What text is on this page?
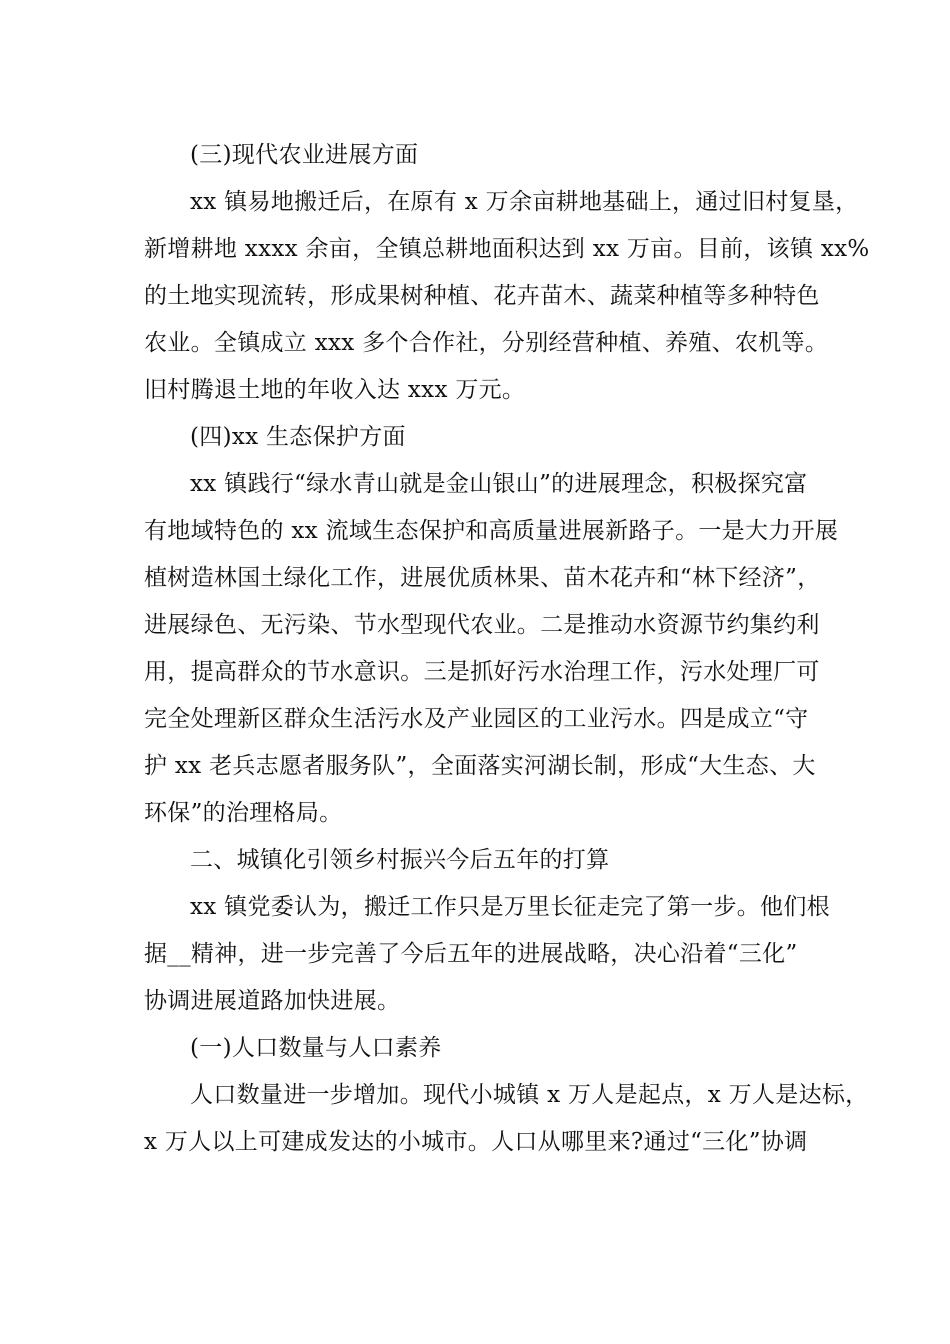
(三)现代农业进展方面
xx 镇易地搬迁后，在原有 x 万余亩耕地基础上，通过旧村复垦，
新增耕地 xxxx 余亩，全镇总耕地面积达到 xx 万亩。目前，该镇 xx%
的土地实现流转，形成果树种植、花卉苗木、蔬菜种植等多种特色
农业。全镇成立 xxx 多个合作社，分别经营种植、养殖、农机等。
旧村腾退土地的年收入达 xxx 万元。
(四)xx 生态保护方面
xx 镇践行“绿水青山就是金山银山”的进展理念，积极探究富
有地域特色的 xx 流域生态保护和高质量进展新路子。一是大力开展
植树造林国土绿化工作，进展优质林果、苗木花卉和“林下经济”，
进展绿色、无污染、节水型现代农业。二是推动水资源节约集约利
用，提高群众的节水意识。三是抓好污水治理工作，污水处理厂可
完全处理新区群众生活污水及产业园区的工业污水。四是成立“守
护 xx 老兵志愿者服务队”，全面落实河湖长制，形成“大生态、大
环保”的治理格局。
二、城镇化引领乡村振兴今后五年的打算
xx 镇党委认为，搬迁工作只是万里长征走完了第一步。他们根
据__精神，进一步完善了今后五年的进展战略，决心沿着“三化”
协调进展道路加快进展。
(一)人口数量与人口素养
人口数量进一步增加。现代小城镇 x 万人是起点，x 万人是达标，
x 万人以上可建成发达的小城市。人口从哪里来?通过“三化”协调
